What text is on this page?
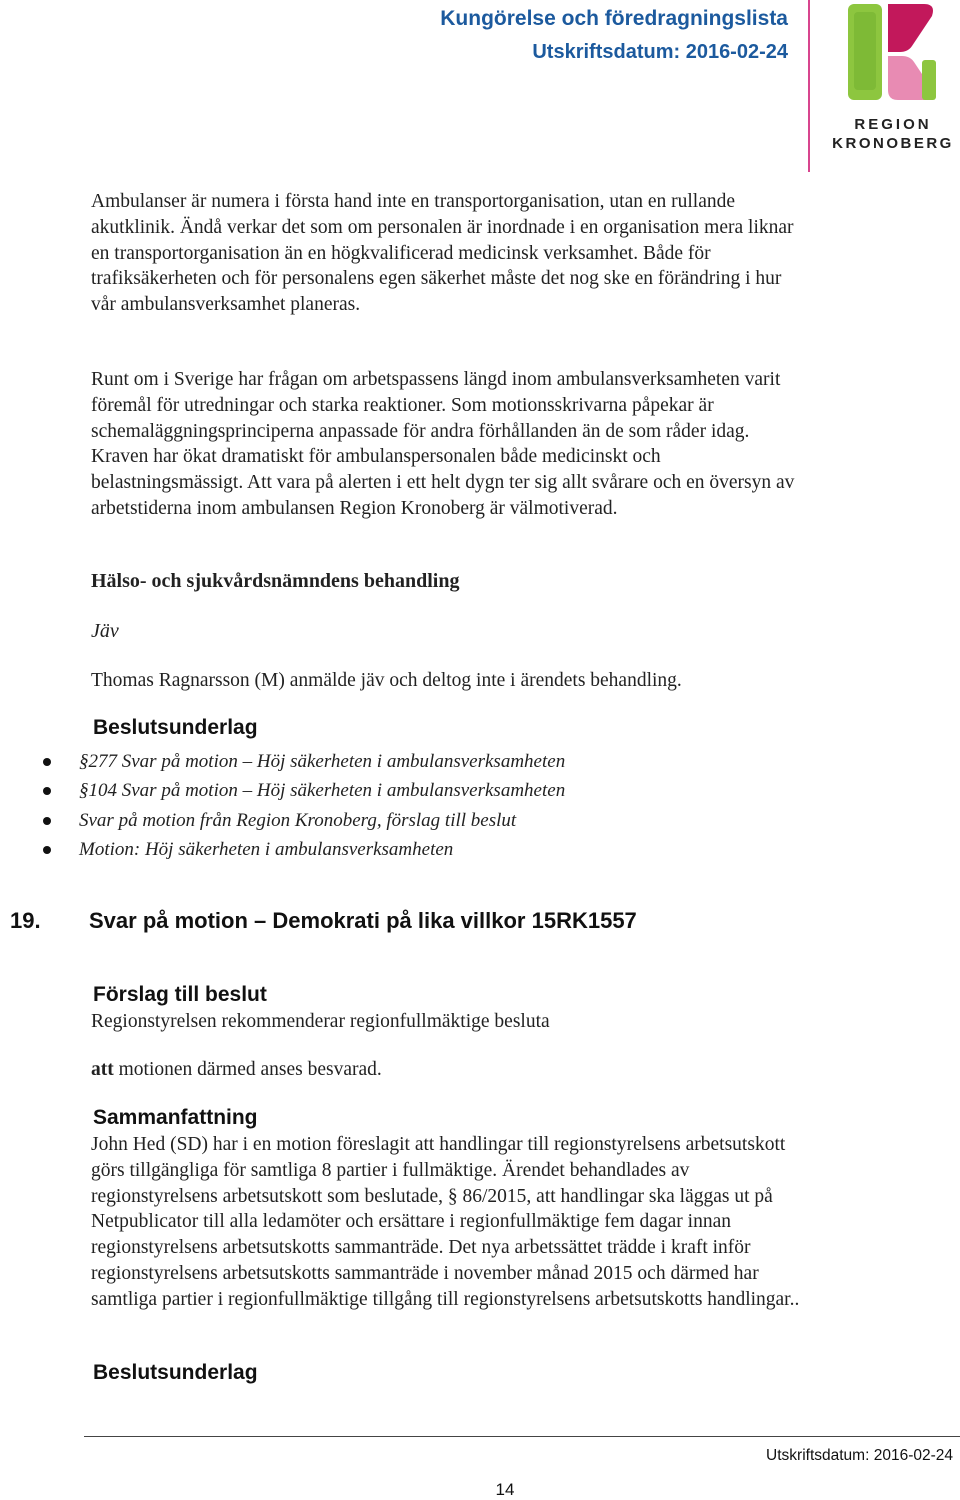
Kungörelse och föredragningslista
Utskriftsdatum: 2016-02-24
REGION
KRONOBERG

Ambulanser är numera i första hand inte en transportorganisation, utan en rullande akutklinik. Ändå verkar det som om personalen är inordnade i en organisation mera liknar en transportorganisation än en högkvalificerad medicinsk verksamhet. Både för trafiksäkerheten och för personalens egen säkerhet måste det nog ske en förändring i hur vår ambulansverksamhet planeras.

Runt om i Sverige har frågan om arbetspassens längd inom ambulansverksamheten varit föremål för utredningar och starka reaktioner. Som motionsskrivarna påpekar är schemaläggningsprinciperna anpassade för andra förhållanden än de som råder idag. Kraven har ökat dramatiskt för ambulanspersonalen både medicinskt och belastningsmässigt. Att vara på alerten i ett helt dygn ter sig allt svårare och en översyn av arbetstiderna inom ambulansen Region Kronoberg är välmotiverad.

Hälso- och sjukvårdsnämndens behandling
Jäv
Thomas Ragnarsson (M) anmälde jäv och deltog inte i ärendets behandling.
Beslutsunderlag
§277 Svar på motion – Höj säkerheten i ambulansverksamheten
§104 Svar på motion – Höj säkerheten i ambulansverksamheten
Svar på motion från Region Kronoberg, förslag till beslut
Motion: Höj säkerheten i ambulansverksamheten
19. Svar på motion – Demokrati på lika villkor 15RK1557
Förslag till beslut
Regionstyrelsen rekommenderar regionfullmäktige besluta
att motionen därmed anses besvarad.
Sammanfattning

John Hed (SD) har i en motion föreslagit att handlingar till regionstyrelsens arbetsutskott görs tillgängliga för samtliga 8 partier i fullmäktige. Ärendet behandlades av regionstyrelsens arbetsutskott som beslutade, § 86/2015, att handlingar ska läggas ut på Netpublicator till alla ledamöter och ersättare i regionfullmäktige fem dagar innan regionstyrelsens arbetsutskotts sammanträde. Det nya arbetssättet trädde i kraft inför regionstyrelsens arbetsutskotts sammanträde i november månad 2015 och därmed har samtliga partier i regionfullmäktige tillgång till regionstyrelsens arbetsutskotts handlingar..

Beslutsunderlag
Utskriftsdatum: 2016-02-24
14
